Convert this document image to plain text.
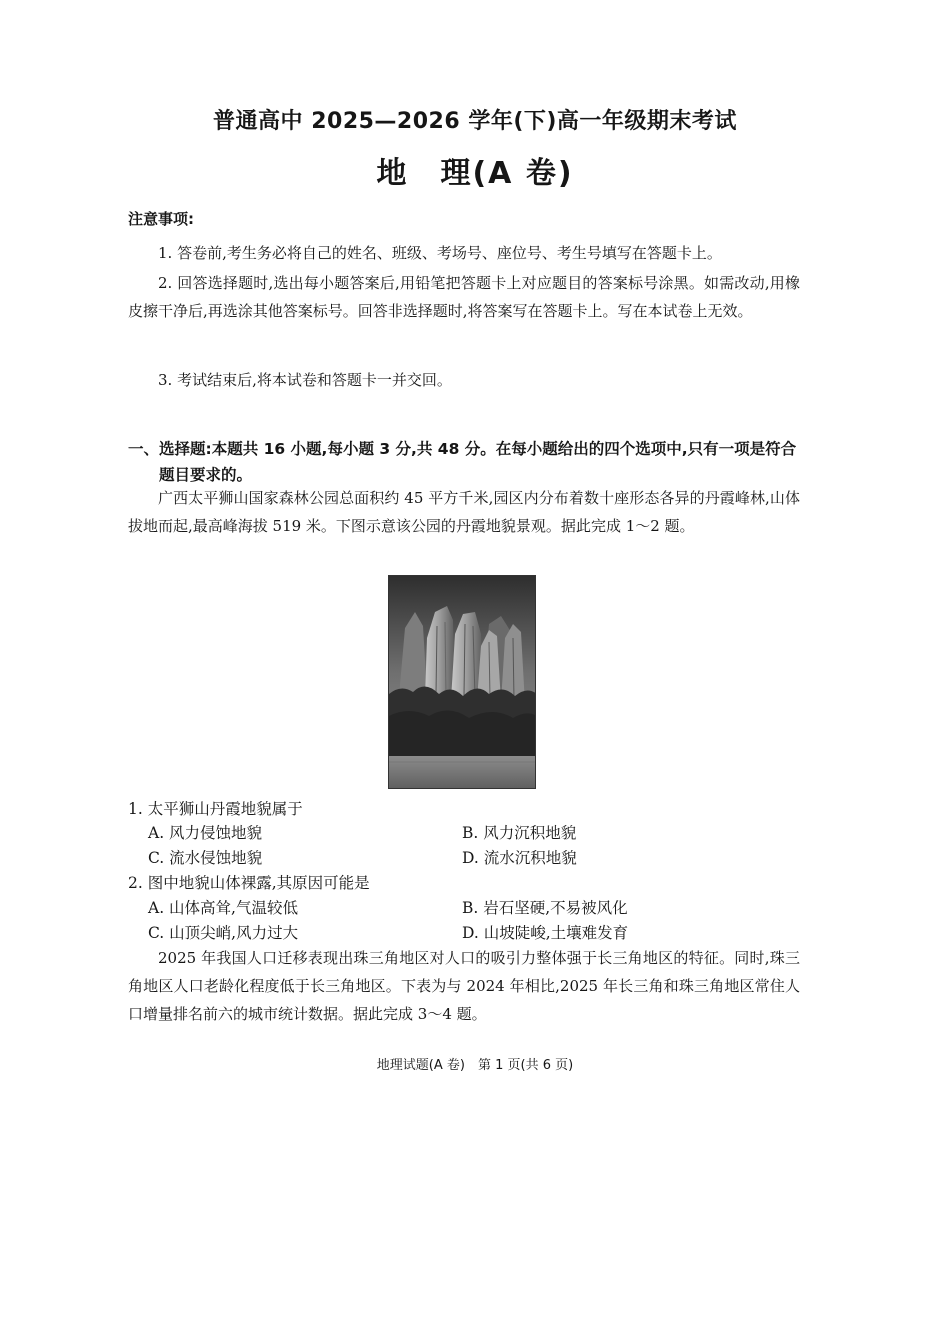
普通高中 2025—2026 学年(下)高一年级期末考试
地　理(A 卷)
注意事项:
1. 答卷前,考生务必将自己的姓名、班级、考场号、座位号、考生号填写在答题卡上。
2. 回答选择题时,选出每小题答案后,用铅笔把答题卡上对应题目的答案标号涂黑。如需改动,用橡皮擦干净后,再选涂其他答案标号。回答非选择题时,将答案写在答题卡上。写在本试卷上无效。
3. 考试结束后,将本试卷和答题卡一并交回。
一、选择题:本题共 16 小题,每小题 3 分,共 48 分。在每小题给出的四个选项中,只有一项是符合题目要求的。
广西太平狮山国家森林公园总面积约 45 平方千米,园区内分布着数十座形态各异的丹霞峰林,山体拔地而起,最高峰海拔 519 米。下图示意该公园的丹霞地貌景观。据此完成 1～2 题。
1. 太平狮山丹霞地貌属于
A. 风力侵蚀地貌	B. 风力沉积地貌
C. 流水侵蚀地貌	D. 流水沉积地貌
2. 图中地貌山体裸露,其原因可能是
A. 山体高耸,气温较低	B. 岩石坚硬,不易被风化
C. 山顶尖峭,风力过大	D. 山坡陡峻,土壤难发育
2025 年我国人口迁移表现出珠三角地区对人口的吸引力整体强于长三角地区的特征。同时,珠三角地区人口老龄化程度低于长三角地区。下表为与 2024 年相比,2025 年长三角和珠三角地区常住人口增量排名前六的城市统计数据。据此完成 3～4 题。
地理试题(A 卷)　第 1 页(共 6 页)
